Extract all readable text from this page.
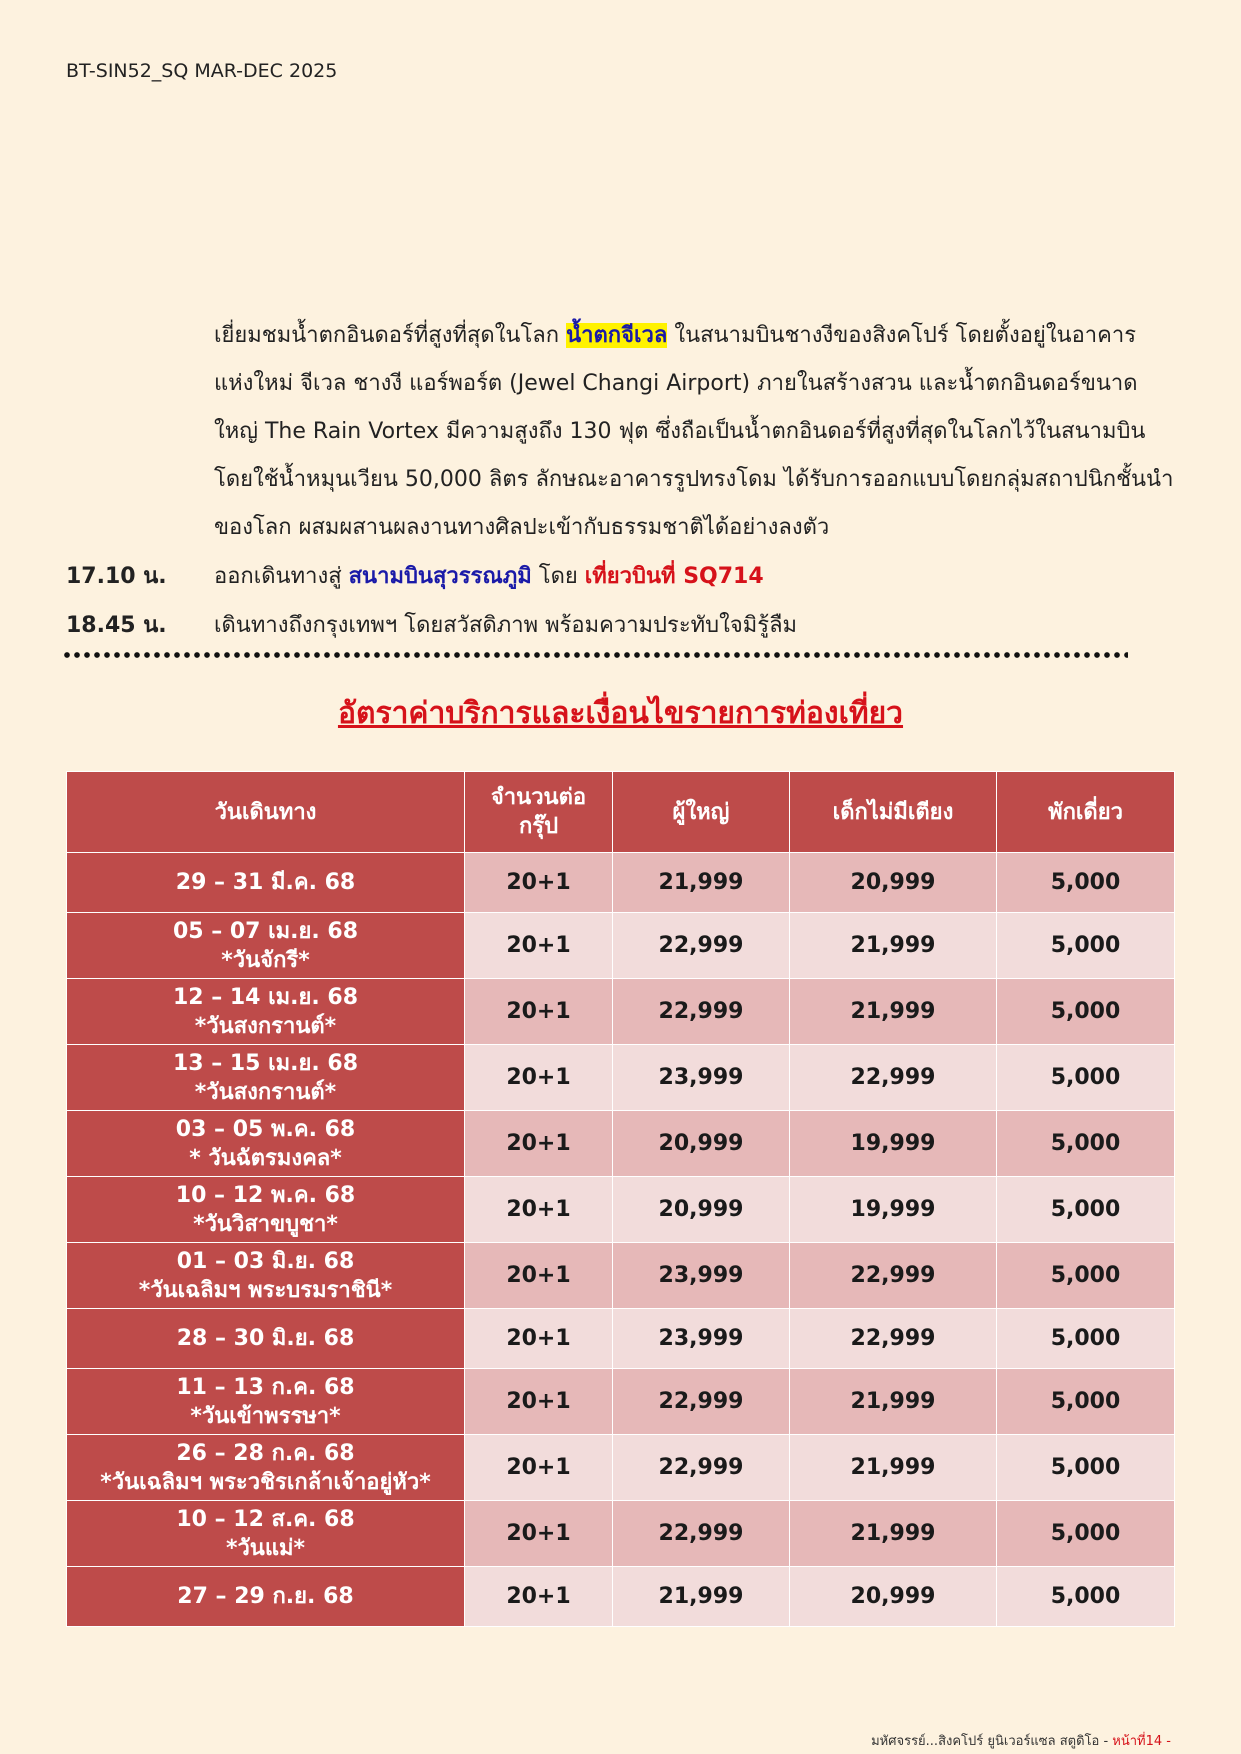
BT-SIN52_SQ MAR-DEC 2025
เยี่ยมชมน้ำตกอินดอร์ที่สูงที่สุดในโลก น้ำตกจีเวล ในสนามบินชางงีของสิงคโปร์ โดยตั้งอยู่ในอาคารแห่งใหม่ จีเวล ชางงี แอร์พอร์ต (Jewel Changi Airport) ภายในสร้างสวน และน้ำตกอินดอร์ขนาดใหญ่ The Rain Vortex มีความสูงถึง 130 ฟุต ซึ่งถือเป็นน้ำตกอินดอร์ที่สูงที่สุดในโลกไว้ในสนามบิน โดยใช้น้ำหมุนเวียน 50,000 ลิตร ลักษณะอาคารรูปทรงโดม ได้รับการออกแบบโดยกลุ่มสถาปนิกชั้นนำของโลก ผสมผสานผลงานทางศิลปะเข้ากับธรรมชาติได้อย่างลงตัว
17.10 น.	ออกเดินทางสู่ สนามบินสุวรรณภูมิ โดย เที่ยวบินที่ SQ714
18.45 น.	เดินทางถึงกรุงเทพฯ โดยสวัสดิภาพ พร้อมความประทับใจมิรู้ลืม
อัตราค่าบริการและเงื่อนไขรายการท่องเที่ยว
วันเดินทาง	จำนวนต่อกรุ๊ป	ผู้ใหญ่	เด็กไม่มีเตียง	พักเดี่ยว

29 – 31 มี.ค. 68	20+1	21,999	20,999	5,000

05 – 07 เม.ย. 68
*วันจักรี*	20+1	22,999	21,999	5,000

12 – 14 เม.ย. 68
*วันสงกรานต์*	20+1	22,999	21,999	5,000

13 – 15 เม.ย. 68
*วันสงกรานต์*	20+1	23,999	22,999	5,000

03 – 05 พ.ค. 68
* วันฉัตรมงคล*	20+1	20,999	19,999	5,000

10 – 12 พ.ค. 68
*วันวิสาขบูชา*	20+1	20,999	19,999	5,000

01 – 03 มิ.ย. 68
*วันเฉลิมฯ พระบรมราชินี*	20+1	23,999	22,999	5,000

28 – 30 มิ.ย. 68	20+1	23,999	22,999	5,000

11 – 13 ก.ค. 68
*วันเข้าพรรษา*	20+1	22,999	21,999	5,000

26 – 28 ก.ค. 68
*วันเฉลิมฯ พระวชิรเกล้าเจ้าอยู่หัว*	20+1	22,999	21,999	5,000

10 – 12 ส.ค. 68
*วันแม่*	20+1	22,999	21,999	5,000

27 – 29 ก.ย. 68	20+1	21,999	20,999	5,000
มหัศจรรย์...สิงคโปร์ ยูนิเวอร์แซล สตูดิโอ - หน้าที่14 -
